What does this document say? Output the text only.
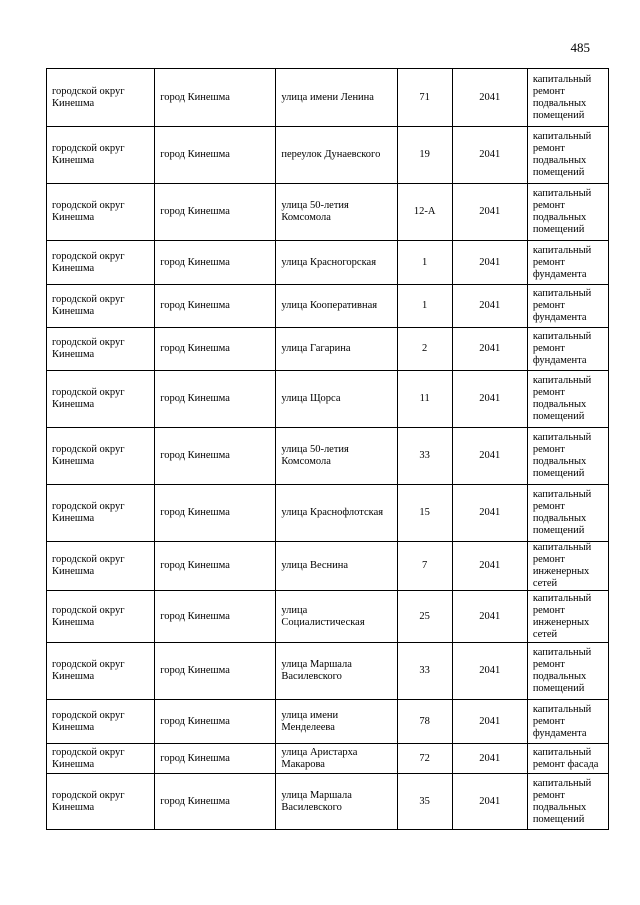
485
городской округ Кинешма	город Кинешма	улица имени Ленина	71	2041	капитальный ремонт подвальных помещений
городской округ Кинешма	город Кинешма	переулок Дунаевского	19	2041	капитальный ремонт подвальных помещений
городской округ Кинешма	город Кинешма	улица 50-летия Комсомола	12-А	2041	капитальный ремонт подвальных помещений
городской округ Кинешма	город Кинешма	улица Красногорская	1	2041	капитальный ремонт фундамента
городской округ Кинешма	город Кинешма	улица Кооперативная	1	2041	капитальный ремонт фундамента
городской округ Кинешма	город Кинешма	улица Гагарина	2	2041	капитальный ремонт фундамента
городской округ Кинешма	город Кинешма	улица Щорса	11	2041	капитальный ремонт подвальных помещений
городской округ Кинешма	город Кинешма	улица 50-летия Комсомола	33	2041	капитальный ремонт подвальных помещений
городской округ Кинешма	город Кинешма	улица Краснофлотская	15	2041	капитальный ремонт подвальных помещений
городской округ Кинешма	город Кинешма	улица Веснина	7	2041	капитальный ремонт инженерных сетей
городской округ Кинешма	город Кинешма	улица Социалистическая	25	2041	капитальный ремонт инженерных сетей
городской округ Кинешма	город Кинешма	улица Маршала Василевского	33	2041	капитальный ремонт подвальных помещений
городской округ Кинешма	город Кинешма	улица имени Менделеева	78	2041	капитальный ремонт фундамента
городской округ Кинешма	город Кинешма	улица Аристарха Макарова	72	2041	капитальный ремонт фасада
городской округ Кинешма	город Кинешма	улица Маршала Василевского	35	2041	капитальный ремонт подвальных помещений
